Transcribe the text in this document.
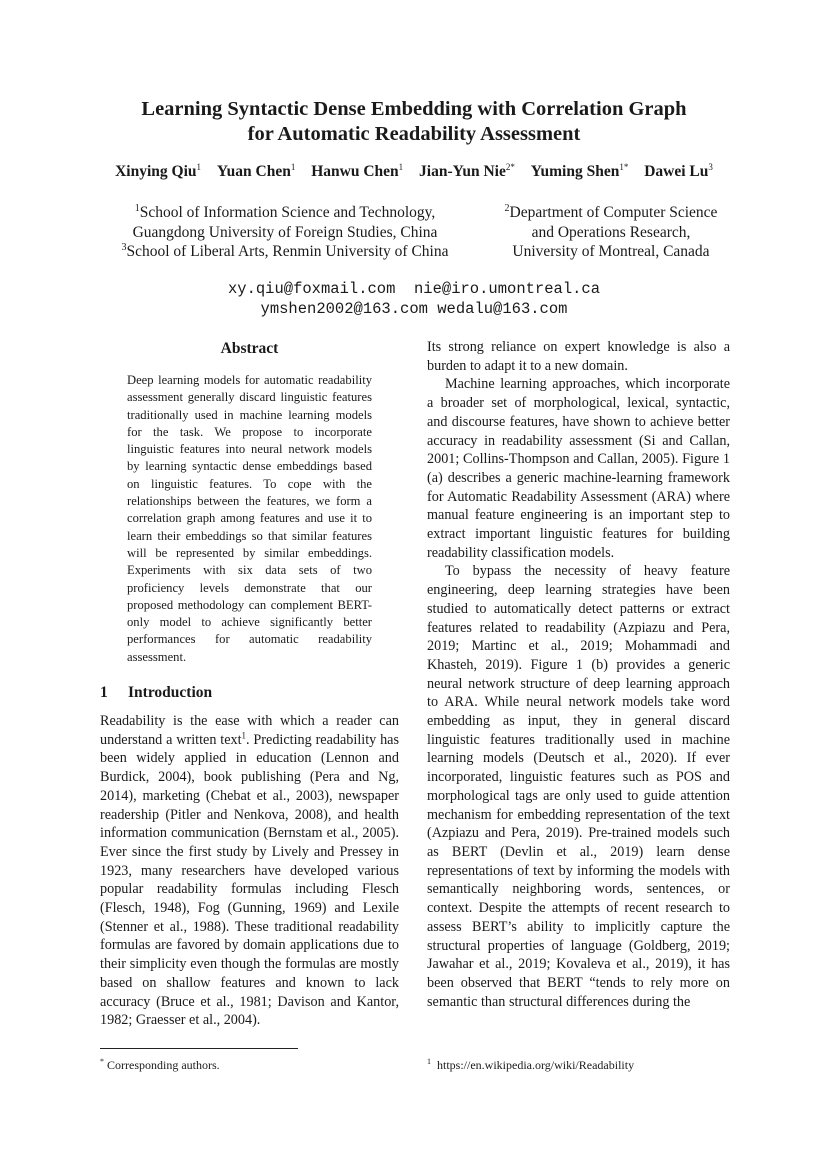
Learning Syntactic Dense Embedding with Correlation Graph
for Automatic Readability Assessment
Xinying Qiu$^1$ Yuan Chen$^1$ Hanwu Chen$^1$ Jian-Yun Nie$^{2*}$ Yuming Shen$^{1*}$ Dawei Lu$^3$
$^1$School of Information Science and Technology,
Guangdong University of Foreign Studies, China
$^3$School of Liberal Arts, Renmin University of China
$^2$Department of Computer Science
and Operations Research,
University of Montreal, Canada
xy.qiu@foxmail.com  nie@iro.umontreal.ca
ymshen2002@163.com wedalu@163.com
Abstract
Deep learning models for automatic readability assessment generally discard linguistic features traditionally used in machine learning models for the task. We propose to incorporate linguistic features into neural network models by learning syntactic dense embeddings based on linguistic features. To cope with the relationships between the features, we form a correlation graph among features and use it to learn their embeddings so that similar features will be represented by similar embeddings. Experiments with six data sets of two proficiency levels demonstrate that our proposed methodology can complement BERT-only model to achieve significantly better performances for automatic readability assessment.
1 Introduction

Readability is the ease with which a reader can understand a written text$^1$. Predicting readability has been widely applied in education (Lennon and Burdick, 2004), book publishing (Pera and Ng, 2014), marketing (Chebat et al., 2003), newspaper readership (Pitler and Nenkova, 2008), and health information communication (Bernstam et al., 2005). Ever since the first study by Lively and Pressey in 1923, many researchers have developed various popular readability formulas including Flesch (Flesch, 1948), Fog (Gunning, 1969) and Lexile (Stenner et al., 1988). These traditional readability formulas are favored by domain applications due to their simplicity even though the formulas are mostly based on shallow features and known to lack accuracy (Bruce et al., 1981; Davison and Kantor, 1982; Graesser et al., 2004).

Its strong reliance on expert knowledge is also a burden to adapt it to a new domain.

Machine learning approaches, which incorporate a broader set of morphological, lexical, syntactic, and discourse features, have shown to achieve better accuracy in readability assessment (Si and Callan, 2001; Collins-Thompson and Callan, 2005). Figure 1 (a) describes a generic machine-learning framework for Automatic Readability Assessment (ARA) where manual feature engineering is an important step to extract important linguistic features for building readability classification models.

To bypass the necessity of heavy feature engineering, deep learning strategies have been studied to automatically detect patterns or extract features related to readability (Azpiazu and Pera, 2019; Martinc et al., 2019; Mohammadi and Khasteh, 2019). Figure 1 (b) provides a generic neural network structure of deep learning approach to ARA. While neural network models take word embedding as input, they in general discard linguistic features traditionally used in machine learning models (Deutsch et al., 2020). If ever incorporated, linguistic features such as POS and morphological tags are only used to guide attention mechanism for embedding representation of the text (Azpiazu and Pera, 2019). Pre-trained models such as BERT (Devlin et al., 2019) learn dense representations of text by informing the models with semantically neighboring words, sentences, or context. Despite the attempts of recent research to assess BERT’s ability to implicitly capture the structural properties of language (Goldberg, 2019; Jawahar et al., 2019; Kovaleva et al., 2019), it has been observed that BERT “tends to rely more on semantic than structural differences during the

* Corresponding authors.	$^1$  https://en.wikipedia.org/wiki/Readability
